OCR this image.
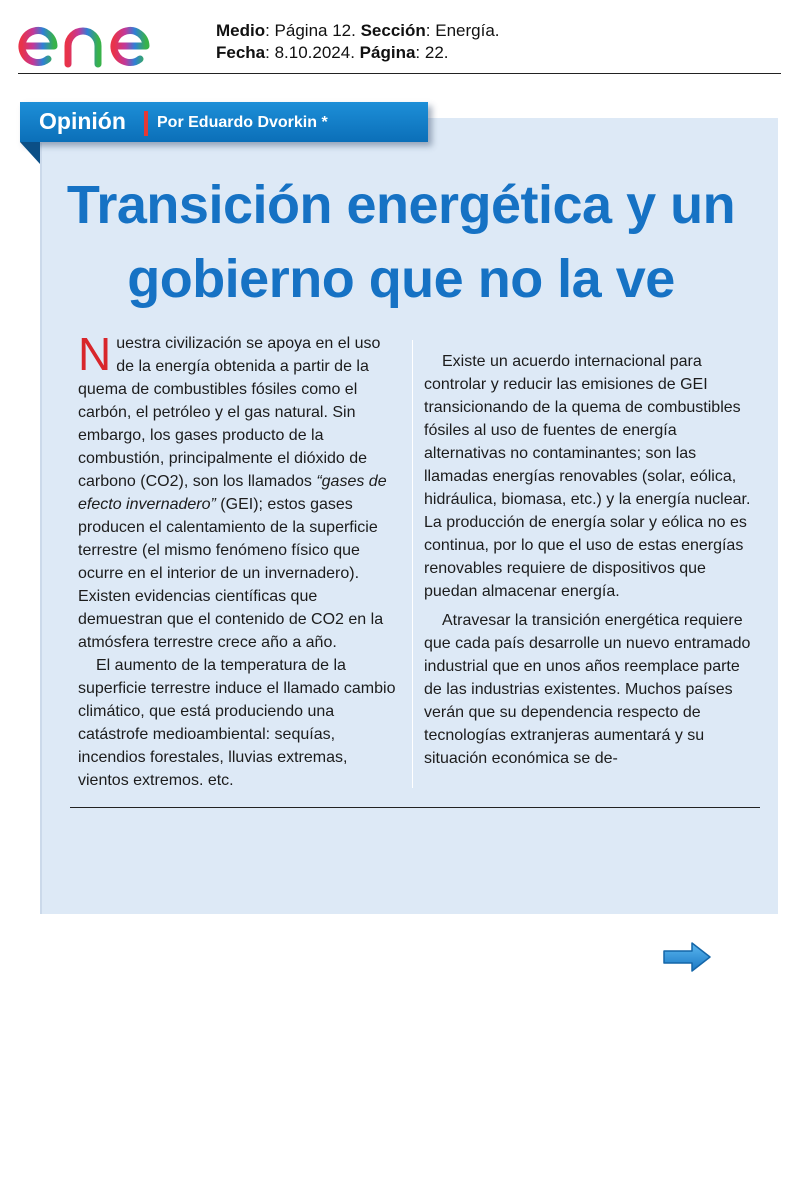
Medio: Página 12. Sección: Energía.
Fecha: 8.10.2024. Página: 22.
Opinión Por Eduardo Dvorkin *
Transición energética y un
gobierno que no la ve

Nuestra civilización se apoya en el uso de la energía obtenida a partir de la quema de combustibles fósiles como el carbón, el petróleo y el gas natural. Sin embargo, los gases producto de la combustión, principalmente el dióxido de carbono (CO2), son los llamados “gases de efecto invernadero” (GEI); estos gases producen el calentamiento de la superficie terrestre (el mismo fenómeno físico que ocurre en el interior de un invernadero). Existen evidencias científicas que demuestran que el contenido de CO2 en la atmósfera terrestre crece año a año.

El aumento de la temperatura de la superficie terrestre induce el llamado cambio climático, que está produciendo una catástrofe medioambiental: sequías, incendios forestales, lluvias extremas, vientos extremos. etc.

Existe un acuerdo internacional para controlar y reducir las emisiones de GEI transicionando de la quema de combustibles fósiles al uso de fuentes de energía alternativas no contaminantes; son las llamadas energías renovables (solar, eólica, hidráulica, biomasa, etc.) y la energía nuclear. La producción de energía solar y eólica no es continua, por lo que el uso de estas energías renovables requiere de dispositivos que puedan almacenar energía.

Atravesar la transición energética requiere que cada país desarrolle un nuevo entramado industrial que en unos años reemplace parte de las industrias existentes. Muchos países verán que su dependencia respecto de tecnologías extranjeras aumentará y su situación económica se de-
